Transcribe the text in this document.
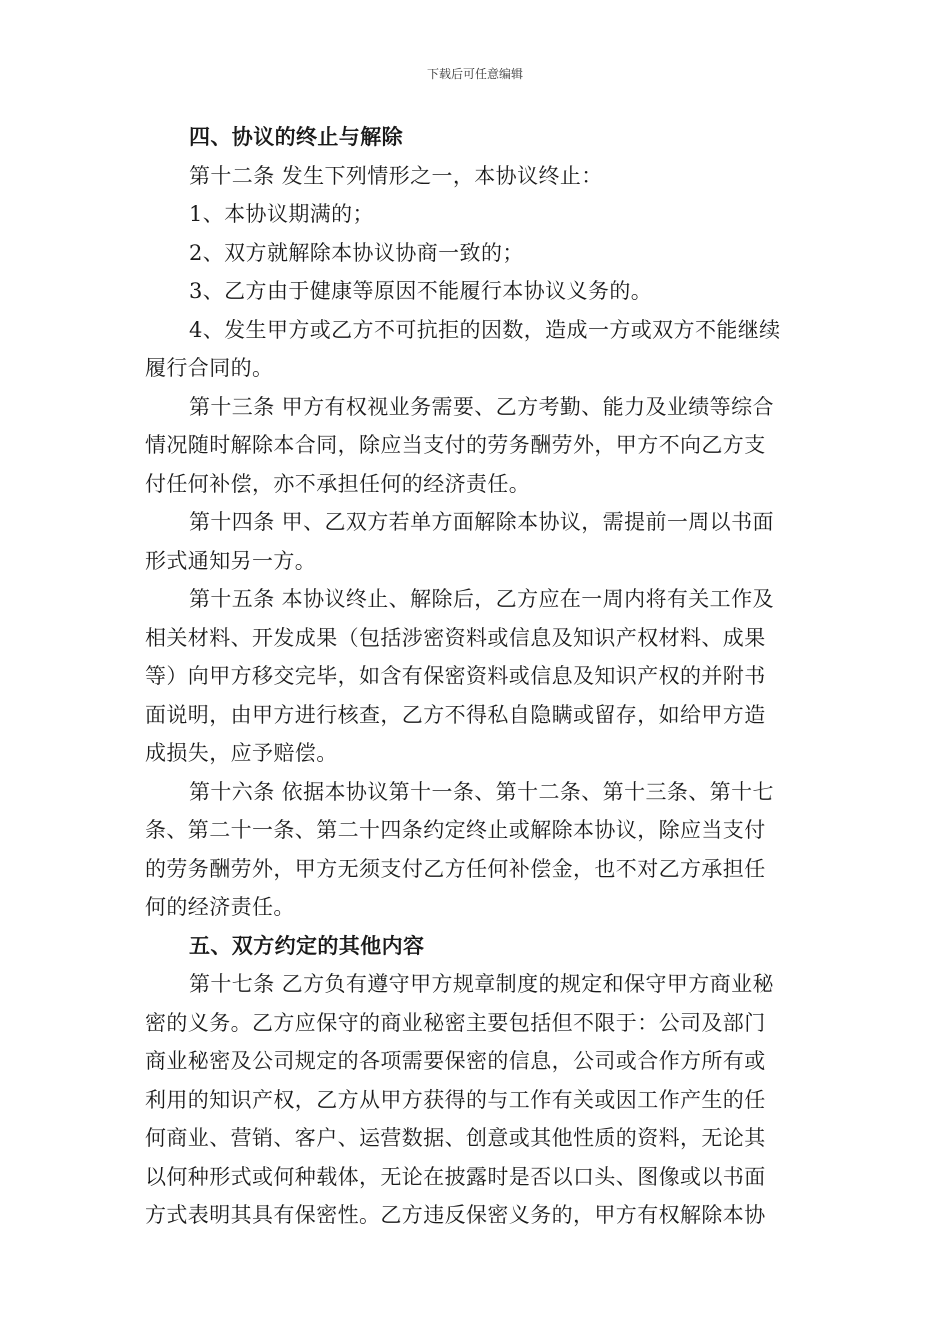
下载后可任意编辑
四、协议的终止与解除
第十二条 发生下列情形之一，本协议终止：
1、本协议期满的；
2、双方就解除本协议协商一致的；
3、乙方由于健康等原因不能履行本协议义务的。
4、发生甲方或乙方不可抗拒的因数，造成一方或双方不能继续
履行合同的。
第十三条 甲方有权视业务需要、乙方考勤、能力及业绩等综合
情况随时解除本合同，除应当支付的劳务酬劳外，甲方不向乙方支
付任何补偿，亦不承担任何的经济责任。
第十四条 甲、乙双方若单方面解除本协议，需提前一周以书面
形式通知另一方。
第十五条 本协议终止、解除后，乙方应在一周内将有关工作及
相关材料、开发成果（包括涉密资料或信息及知识产权材料、成果
等）向甲方移交完毕，如含有保密资料或信息及知识产权的并附书
面说明，由甲方进行核查，乙方不得私自隐瞒或留存，如给甲方造
成损失，应予赔偿。
第十六条 依据本协议第十一条、第十二条、第十三条、第十七
条、第二十一条、第二十四条约定终止或解除本协议，除应当支付
的劳务酬劳外，甲方无须支付乙方任何补偿金，也不对乙方承担任
何的经济责任。
五、双方约定的其他内容
第十七条 乙方负有遵守甲方规章制度的规定和保守甲方商业秘
密的义务。乙方应保守的商业秘密主要包括但不限于：公司及部门
商业秘密及公司规定的各项需要保密的信息，公司或合作方所有或
利用的知识产权，乙方从甲方获得的与工作有关或因工作产生的任
何商业、营销、客户、运营数据、创意或其他性质的资料，无论其
以何种形式或何种载体，无论在披露时是否以口头、图像或以书面
方式表明其具有保密性。乙方违反保密义务的，甲方有权解除本协
